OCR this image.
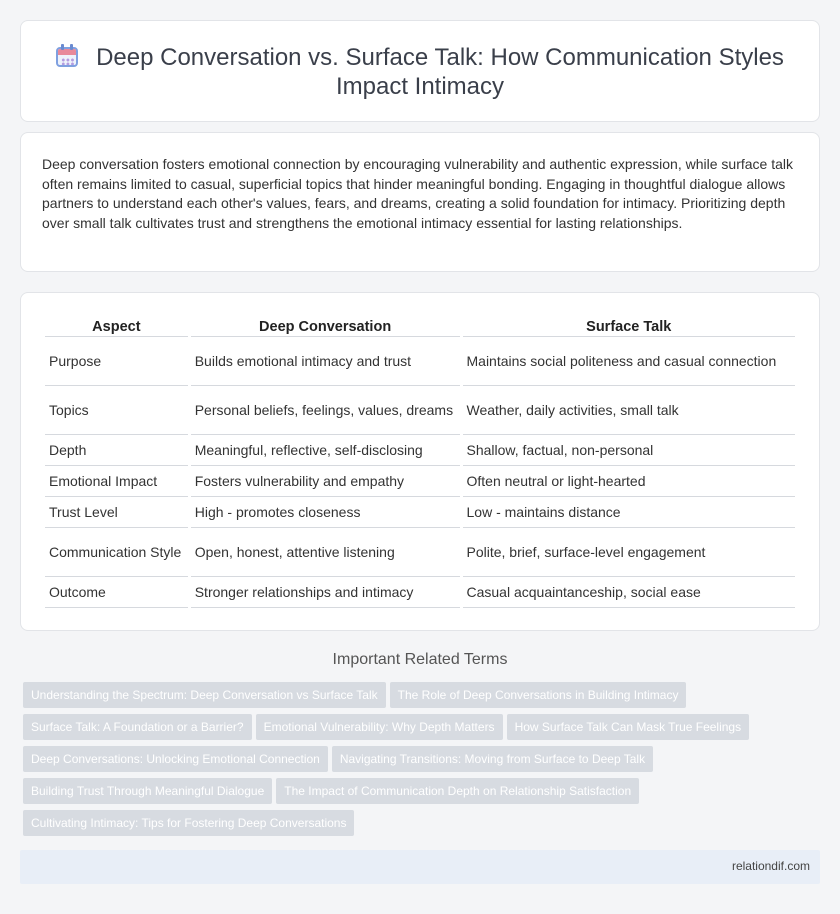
Deep Conversation vs. Surface Talk: How Communication Styles
Impact Intimacy

Deep conversation fosters emotional connection by encouraging vulnerability and authentic expression, while surface talk often remains limited to casual, superficial topics that hinder meaningful bonding. Engaging in thoughtful dialogue allows partners to understand each other's values, fears, and dreams, creating a solid foundation for intimacy. Prioritizing depth over small talk cultivates trust and strengthens the emotional intimacy essential for lasting relationships.

Aspect	Deep Conversation	Surface Talk
Purpose	Builds emotional intimacy and trust	Maintains social politeness and casual connection
Topics	Personal beliefs, feelings, values, dreams	Weather, daily activities, small talk
Depth	Meaningful, reflective, self-disclosing	Shallow, factual, non-personal
Emotional Impact	Fosters vulnerability and empathy	Often neutral or light-hearted
Trust Level	High - promotes closeness	Low - maintains distance
Communication Style	Open, honest, attentive listening	Polite, brief, surface-level engagement
Outcome	Stronger relationships and intimacy	Casual acquaintanceship, social ease
Important Related Terms
Understanding the Spectrum: Deep Conversation vs Surface Talk The Role of Deep Conversations in Building Intimacy
Surface Talk: A Foundation or a Barrier? Emotional Vulnerability: Why Depth Matters How Surface Talk Can Mask True Feelings
Deep Conversations: Unlocking Emotional Connection Navigating Transitions: Moving from Surface to Deep Talk
Building Trust Through Meaningful Dialogue The Impact of Communication Depth on Relationship Satisfaction
Cultivating Intimacy: Tips for Fostering Deep Conversations
relationdif.com
